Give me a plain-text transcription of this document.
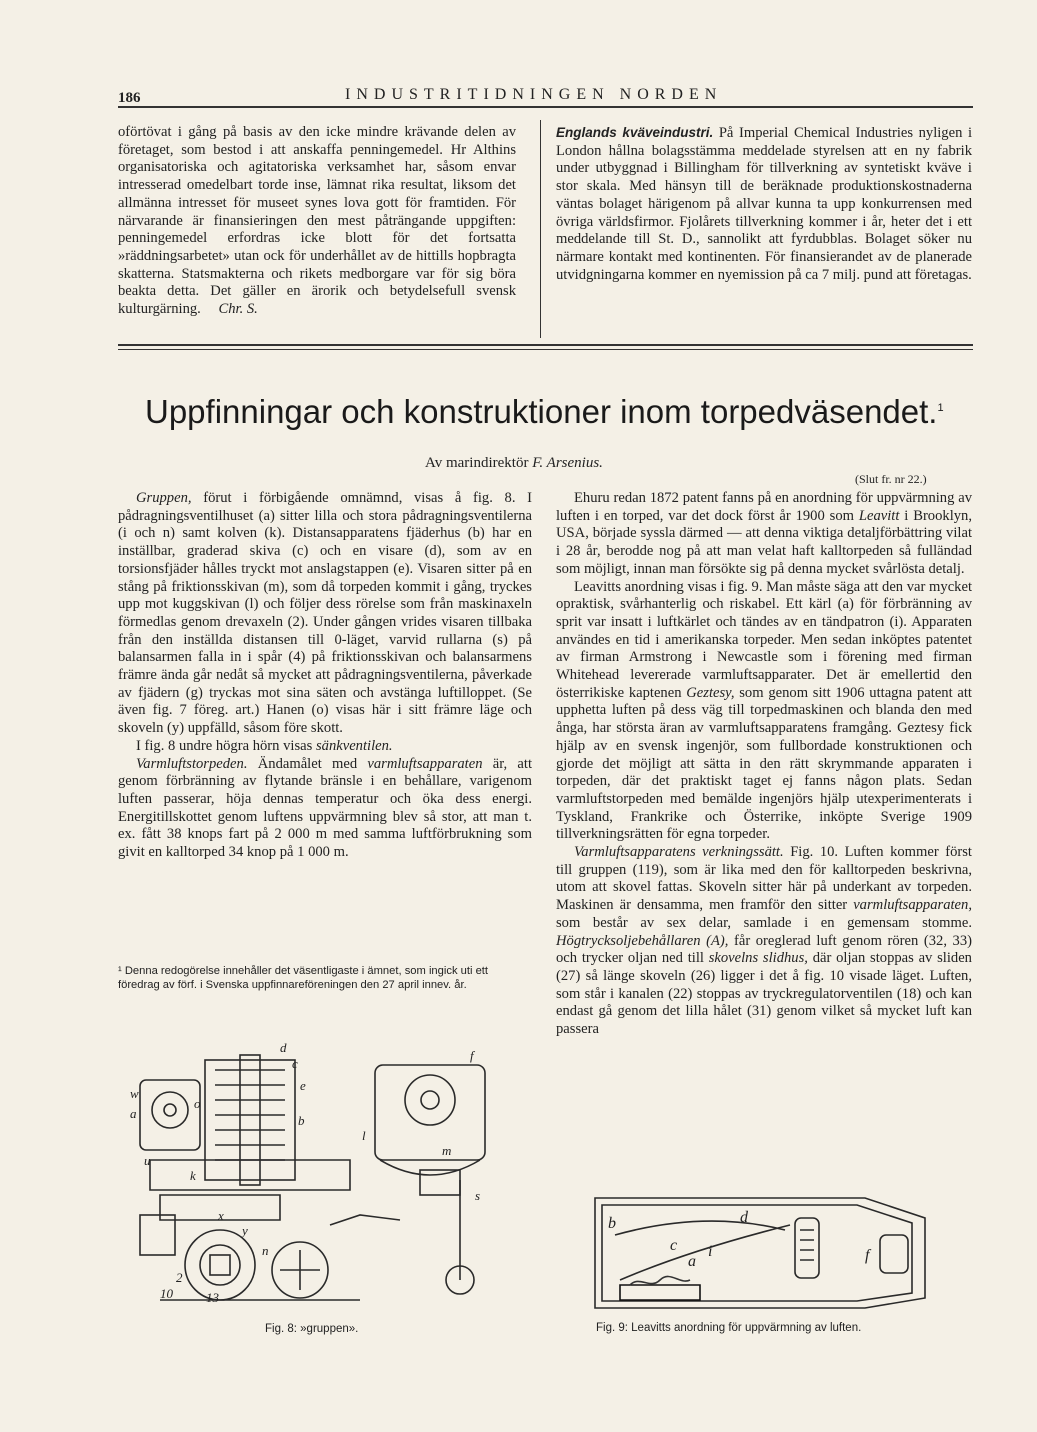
186	INDUSTRITIDNINGEN NORDEN

oförtövat i gång på basis av den icke mindre krävande delen av företaget, som bestod i att anskaffa penningemedel. Hr Althins organisatoriska och agitatoriska verksamhet har, såsom envar intresserad omedelbart torde inse, lämnat rika resultat, liksom det allmänna intresset för museet synes lova gott för framtiden. För närvarande är finansieringen den mest påträngande uppgiften: penningemedel erfordras icke blott för det fortsatta »räddningsarbetet» utan ock för underhållet av de hittills hopbragta skatterna. Statsmakterna och rikets medborgare var för sig böra beakta detta. Det gäller en ärorik och betydelsefull svensk kulturgärning. Chr. S.

Englands kväveindustri. På Imperial Chemical Industries nyligen i London hållna bolagsstämma meddelade styrelsen att en ny fabrik under utbyggnad i Billingham för tillverkning av syntetiskt kväve i stor skala. Med hänsyn till de beräknade produktionskostnaderna väntas bolaget härigenom på allvar kunna ta upp konkurrensen med övriga världsfirmor. Fjolårets tillverkning kommer i år, heter det i ett meddelande till St. D., sannolikt att fyrdubblas. Bolaget söker nu närmare kontakt med kontinenten. För finansierandet av de planerade utvidgningarna kommer en nyemission på ca 7 milj. pund att företagas.

Uppfinningar och konstruktioner inom torpedväsendet.$^1$
Av marindirektör F. Arsenius.
(Slut fr. nr 22.)

Gruppen, förut i förbigående omnämnd, visas å fig. 8. I pådragningsventilhuset (a) sitter lilla och stora pådragningsventilerna (i och n) samt kolven (k). Distansapparatens fjäderhus (b) har en inställbar, graderad skiva (c) och en visare (d), som av en torsionsfjäder hålles tryckt mot anslagstappen (e). Visaren sitter på en stång på friktionsskivan (m), som då torpeden kommit i gång, tryckes upp mot kuggskivan (l) och följer dess rörelse som från maskinaxeln förmedlas genom drevaxeln (2). Under gången vrides visaren tillbaka från den inställda distansen till 0-läget, varvid rullarna (s) på balansarmen falla in i spår (4) på friktionsskivan och balansarmens främre ända går nedåt så mycket att pådragningsventilerna, påverkade av fjädern (g) tryckas mot sina säten och avstänga luftilloppet. (Se även fig. 7 föreg. art.) Hanen (o) visas här i sitt främre läge och skoveln (y) uppfälld, såsom före skott.

I fig. 8 undre högra hörn visas sänkventilen.

Varmluftstorpeden. Ändamålet med varmluftsapparaten är, att genom förbränning av flytande bränsle i en behållare, varigenom luften passerar, höja dennas temperatur och öka dess energi. Energitillskottet genom luftens uppvärmning blev så stor, att man t. ex. fått 38 knops fart på 2 000 m med samma luftförbrukning som givit en kalltorped 34 knop på 1 000 m.

¹ Denna redogörelse innehåller det väsentligaste i ämnet, som ingick uti ett föredrag av förf. i Svenska uppfinnareföreningen den 27 april innev. år.

Ehuru redan 1872 patent fanns på en anordning för uppvärmning av luften i en torped, var det dock först år 1900 som Leavitt i Brooklyn, USA, började syssla därmed — att denna viktiga detaljförbättring vilat i 28 år, berodde nog på att man velat haft kalltorpeden så fulländad som möjligt, innan man försökte sig på denna mycket svårlösta detalj.

Leavitts anordning visas i fig. 9. Man måste säga att den var mycket opraktisk, svårhanterlig och riskabel. Ett kärl (a) för förbränning av sprit var insatt i luftkärlet och tändes av en tändpatron (i). Apparaten användes en tid i amerikanska torpeder. Men sedan inköptes patentet av firman Armstrong i Newcastle som i förening med firman Whitehead levererade varmluftsapparater. Det är emellertid den österrikiske kaptenen Geztesy, som genom sitt 1906 uttagna patent att upphetta luften på dess väg till torpedmaskinen och blanda den med ånga, har största äran av varmluftsapparatens framgång. Geztesy fick hjälp av en svensk ingenjör, som fullbordade konstruktionen och gjorde det möjligt att sätta in den rätt skrymmande apparaten i torpeden, där det praktiskt taget ej fanns någon plats. Sedan varmluftstorpeden med bemälde ingenjörs hjälp utexperimenterats i Tyskland, Frankrike och Österrike, inköpte Sverige 1909 tillverkningsrätten för egna torpeder.

Varmluftsapparatens verkningssätt. Fig. 10. Luften kommer först till gruppen (119), som är lika med den för kalltorpeden beskrivna, utom att skovel fattas. Skoveln sitter här på underkant av torpeden. Maskinen är densamma, men framför den sitter varmluftsapparaten, som består av sex delar, samlade i en gemensam stomme. Högtrycksoljebehållaren (A), får oreglerad luft genom rören (32, 33) och trycker oljan ned till skovelns slidhus, där oljan stoppas av sliden (27) så länge skoveln (26) ligger i det å fig. 10 visade läget. Luften, som står i kanalen (22) stoppas av tryckregulatorventilen (18) och kan endast gå genom det lilla hålet (31) genom vilket så mycket luft kan passera

w
a
o
d
c
b
e
f
u
k
s
l
m
x
y
n
2
10	13
Fig. 8: »gruppen».
b	d
c
a
i	f
Fig. 9: Leavitts anordning för uppvärmning av luften.
